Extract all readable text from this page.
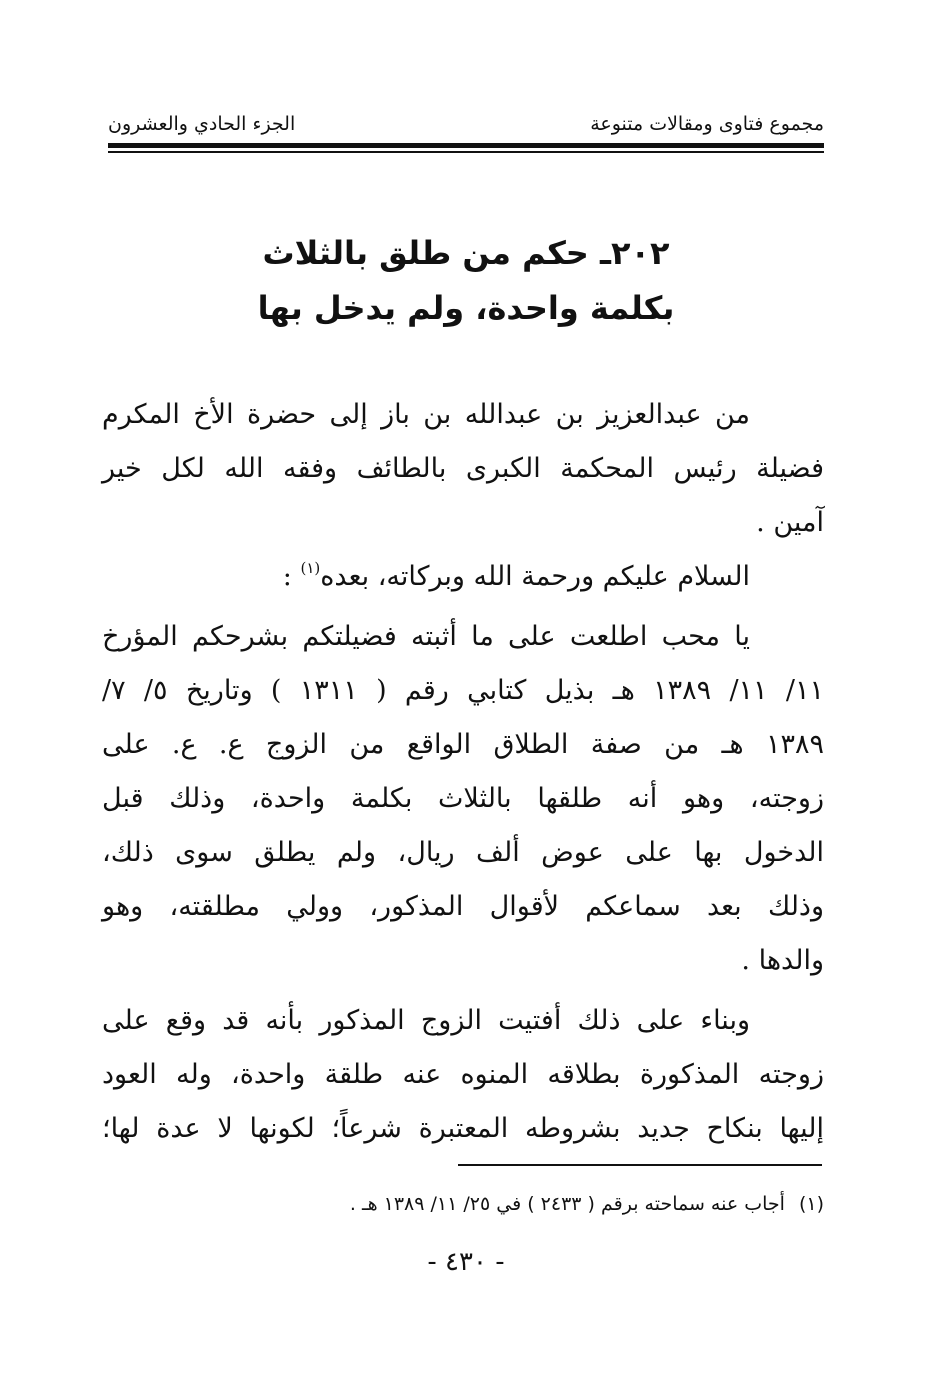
مجموع فتاوى ومقالات متنوعة
الجزء الحادي والعشرون
٢٠٢ـ حكم من طلق بالثلاث
بكلمة واحدة، ولم يدخل بها
من عبدالعزيز بن عبدالله بن باز إلى حضرة الأخ المكرم
فضيلة رئيس المحكمة الكبرى بالطائف وفقه الله لكل خير
آمين .
السلام عليكم ورحمة الله وبركاته، بعده$^{(١)}$ :
يا محب اطلعت على ما أثبته فضيلتكم بشرحكم المؤرخ
١١/ ١١/ ١٣٨٩ هـ بذيل كتابي رقم ( ١٣١١ ) وتاريخ ٥/ ٧/
١٣٨٩ هـ من صفة الطلاق الواقع من الزوج ع. ع. على
زوجته، وهو أنه طلقها بالثلاث بكلمة واحدة، وذلك قبل
الدخول بها على عوض ألف ريال، ولم يطلق سوى ذلك،
وذلك بعد سماعكم لأقوال المذكور، وولي مطلقته، وهو
والدها .
وبناء على ذلك أفتيت الزوج المذكور بأنه قد وقع على
زوجته المذكورة بطلاقه المنوه عنه طلقة واحدة، وله العود
إليها بنكاح جديد بشروطه المعتبرة شرعاً؛ لكونها لا عدة لها؛
(١)أجاب عنه سماحته برقم ( ٢٤٣٣ ) في ٢٥/ ١١/ ١٣٨٩ هـ .
- ٤٣٠ -
